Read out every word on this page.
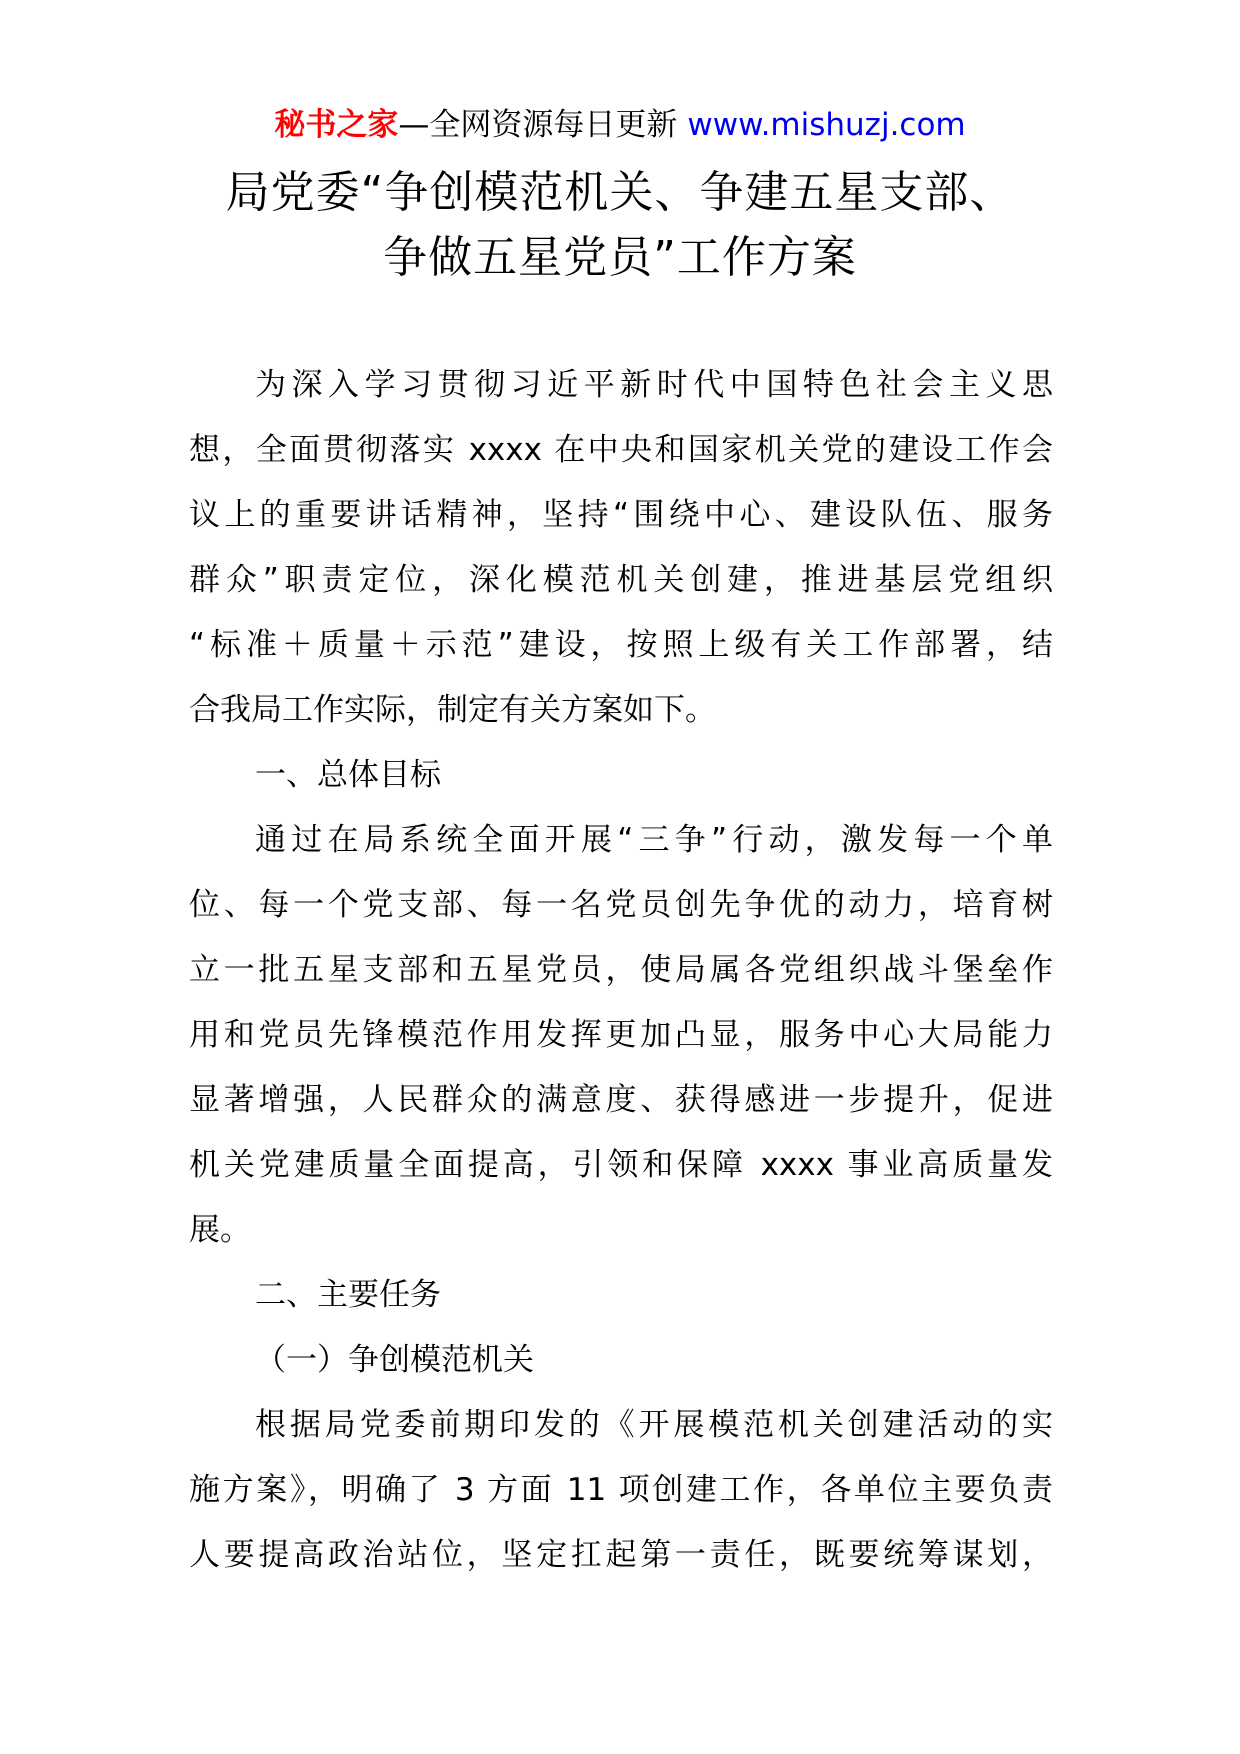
秘书之家—全网资源每日更新 www.mishuzj.com
局党委“争创模范机关、争建五星支部、
争做五星党员”工作方案
为深入学习贯彻习近平新时代中国特色社会主义思
想，全面贯彻落实 xxxx 在中央和国家机关党的建设工作会
议上的重要讲话精神，坚持“围绕中心、建设队伍、服务
群众”职责定位，深化模范机关创建，推进基层党组织
“标准＋质量＋示范”建设，按照上级有关工作部署，结
合我局工作实际，制定有关方案如下。
一、总体目标
通过在局系统全面开展“三争”行动，激发每一个单
位、每一个党支部、每一名党员创先争优的动力，培育树
立一批五星支部和五星党员，使局属各党组织战斗堡垒作
用和党员先锋模范作用发挥更加凸显，服务中心大局能力
显著增强，人民群众的满意度、获得感进一步提升，促进
机关党建质量全面提高，引领和保障 xxxx 事业高质量发
展。
二、主要任务
（一）争创模范机关
根据局党委前期印发的《开展模范机关创建活动的实
施方案》，明确了 3 方面 11 项创建工作，各单位主要负责
人要提高政治站位，坚定扛起第一责任，既要统筹谋划，
